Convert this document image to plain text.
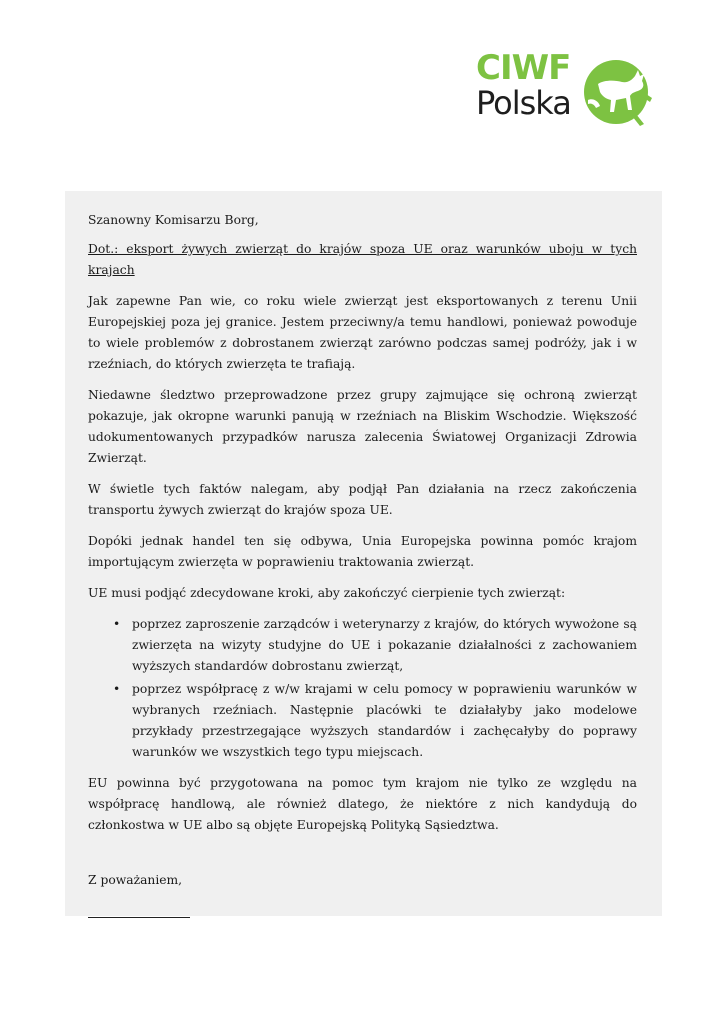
CIWF
Polska

Szanowny Komisarzu Borg,

Dot.: eksport żywych zwierząt do krajów spoza UE oraz warunków uboju w tych krajach

Jak zapewne Pan wie, co roku wiele zwierząt jest eksportowanych z terenu Unii Europejskiej poza jej granice. Jestem przeciwny/a temu handlowi, ponieważ powoduje to wiele problemów z dobrostanem zwierząt zarówno podczas samej podróży, jak i w rzeźniach, do których zwierzęta te trafiają.

Niedawne śledztwo przeprowadzone przez grupy zajmujące się ochroną zwierząt pokazuje, jak okropne warunki panują w rzeźniach na Bliskim Wschodzie. Większość udokumentowanych przypadków narusza zalecenia Światowej Organizacji Zdrowia Zwierząt.

W świetle tych faktów nalegam, aby podjął Pan działania na rzecz zakończenia transportu żywych zwierząt do krajów spoza UE.

Dopóki jednak handel ten się odbywa, Unia Europejska powinna pomóc krajom importującym zwierzęta w poprawieniu traktowania zwierząt.

UE musi podjąć zdecydowane kroki, aby zakończyć cierpienie tych zwierząt:

• poprzez zaproszenie zarządców i weterynarzy z krajów, do których wywożone są zwierzęta na wizyty studyjne do UE i pokazanie działalności z zachowaniem wyższych standardów dobrostanu zwierząt,
• poprzez współpracę z w/w krajami w celu pomocy w poprawieniu warunków w wybranych rzeźniach. Następnie placówki te działałyby jako modelowe przykłady przestrzegające wyższych standardów i zachęcałyby do poprawy warunków we wszystkich tego typu miejscach.

EU powinna być przygotowana na pomoc tym krajom nie tylko ze względu na współpracę handlową, ale również dlatego, że niektóre z nich kandydują do członkostwa w UE albo są objęte Europejską Polityką Sąsiedztwa.

Z poważaniem,
